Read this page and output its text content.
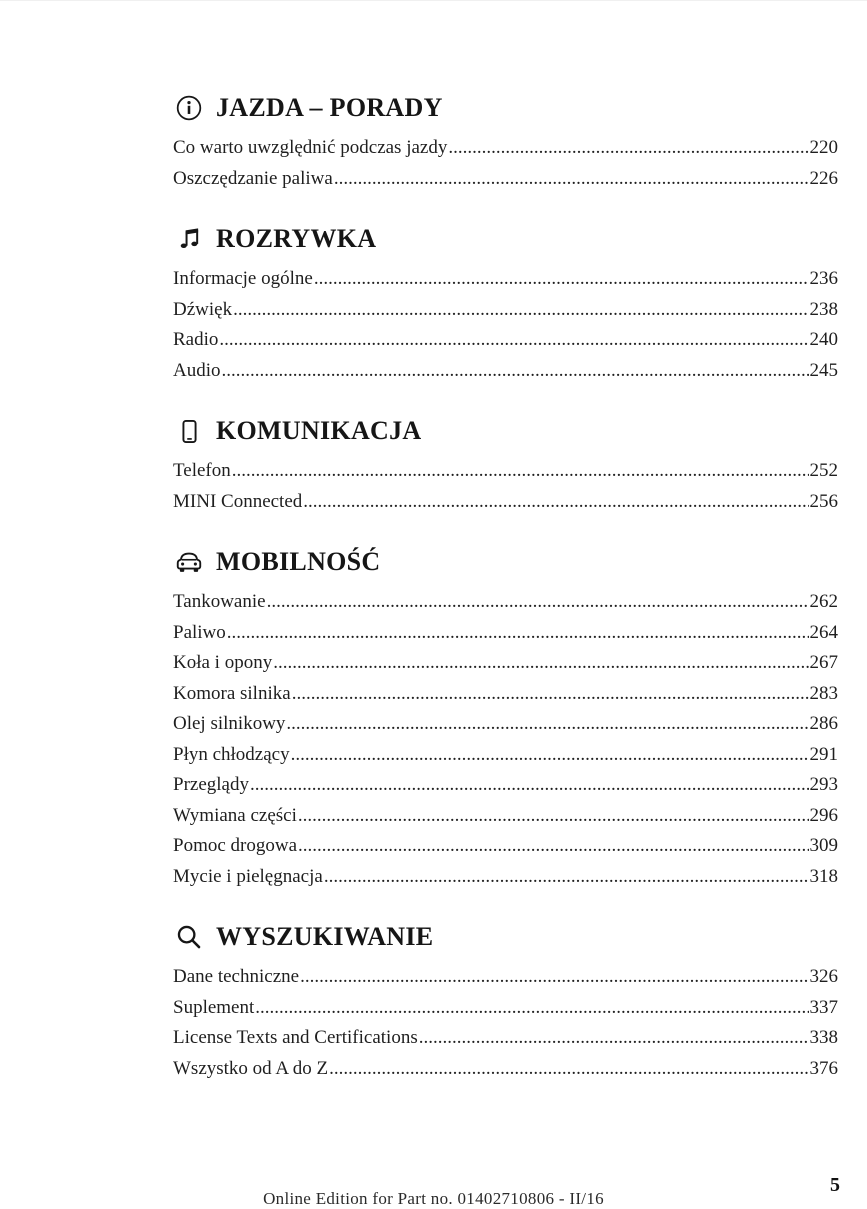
JAZDA – PORADY
Co warto uwzględnić podczas jazdy .....	220
Oszczędzanie paliwa .....	226
ROZRYWKA
Informacje ogólne .....	236
Dźwięk .....	238
Radio .....	240
Audio .....	245
KOMUNIKACJA
Telefon .....	252
MINI Connected .....	256
MOBILNOŚĆ
Tankowanie .....	262
Paliwo .....	264
Koła i opony .....	267
Komora silnika .....	283
Olej silnikowy .....	286
Płyn chłodzący .....	291
Przeglądy .....	293
Wymiana części .....	296
Pomoc drogowa .....	309
Mycie i pielęgnacja .....	318
WYSZUKIWANIE
Dane techniczne .....	326
Suplement .....	337
License Texts and Certifications .....	338
Wszystko od A do Z .....	376
Online Edition for Part no. 01402710806 - II/16
5
